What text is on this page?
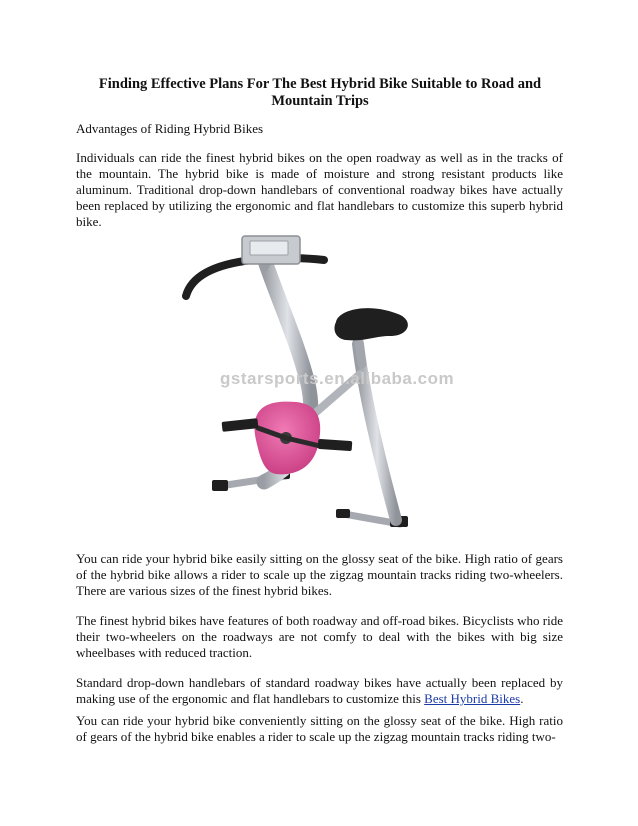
Finding Effective Plans For The Best Hybrid Bike Suitable to Road and Mountain Trips
Advantages of Riding Hybrid Bikes

Individuals can ride the finest hybrid bikes on the open roadway as well as in the tracks of the mountain. The hybrid bike is made of moisture and strong resistant products like aluminum. Traditional drop-down handlebars of conventional roadway bikes have actually been replaced by utilizing the ergonomic and flat handlebars to customize this superb hybrid bike.

gstarsports.en.alibaba.com

You can ride your hybrid bike easily sitting on the glossy seat of the bike. High ratio of gears of the hybrid bike allows a rider to scale up the zigzag mountain tracks riding two-wheelers. There are various sizes of the finest hybrid bikes.

The finest hybrid bikes have features of both roadway and off-road bikes. Bicyclists who ride their two-wheelers on the roadways are not comfy to deal with the bikes with big size wheelbases with reduced traction.

Standard drop-down handlebars of standard roadway bikes have actually been replaced by making use of the ergonomic and flat handlebars to customize this Best Hybrid Bikes.

You can ride your hybrid bike conveniently sitting on the glossy seat of the bike. High ratio of gears of the hybrid bike enables a rider to scale up the zigzag mountain tracks riding two-
